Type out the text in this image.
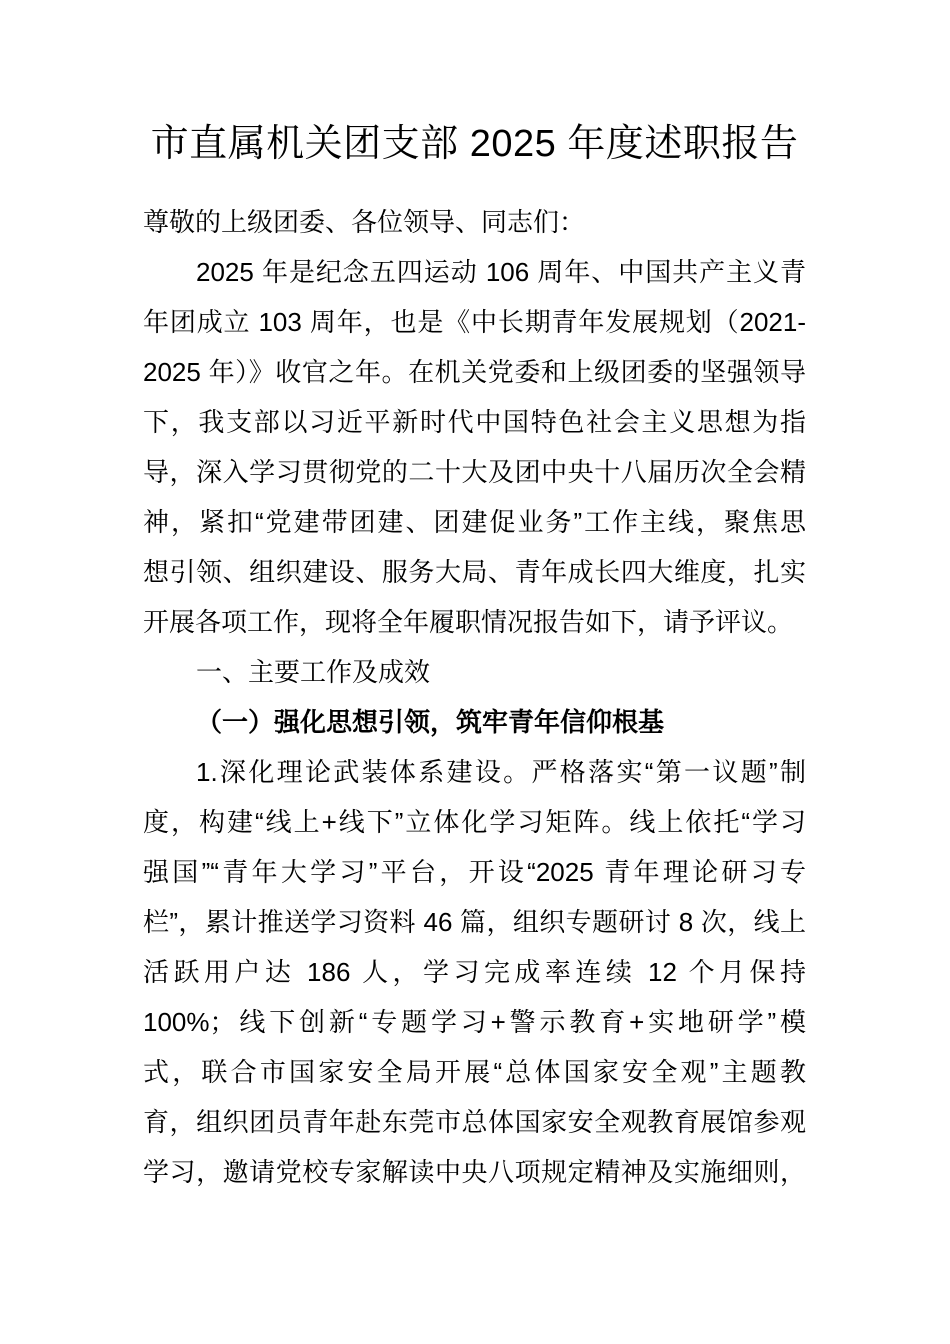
市直属机关团支部 2025 年度述职报告
尊敬的上级团委、各位领导、同志们：
2025 年是纪念五四运动 106 周年、中国共产主义青
年团成立 103 周年，也是《中长期青年发展规划（2021-
2025 年）》收官之年。在机关党委和上级团委的坚强领导
下，我支部以习近平新时代中国特色社会主义思想为指
导，深入学习贯彻党的二十大及团中央十八届历次全会精
神，紧扣“党建带团建、团建促业务”工作主线，聚焦思
想引领、组织建设、服务大局、青年成长四大维度，扎实
开展各项工作，现将全年履职情况报告如下，请予评议。
一、主要工作及成效
（一）强化思想引领，筑牢青年信仰根基
1.深化理论武装体系建设。严格落实“第一议题”制
度，构建“线上+线下”立体化学习矩阵。线上依托“学习
强国”“青年大学习”平台，开设“2025 青年理论研习专
栏”，累计推送学习资料 46 篇，组织专题研讨 8 次，线上
活跃用户达 186 人，学习完成率连续 12 个月保持
100%；线下创新“专题学习+警示教育+实地研学”模
式，联合市国家安全局开展“总体国家安全观”主题教
育，组织团员青年赴东莞市总体国家安全观教育展馆参观
学习，邀请党校专家解读中央八项规定精神及实施细则，
